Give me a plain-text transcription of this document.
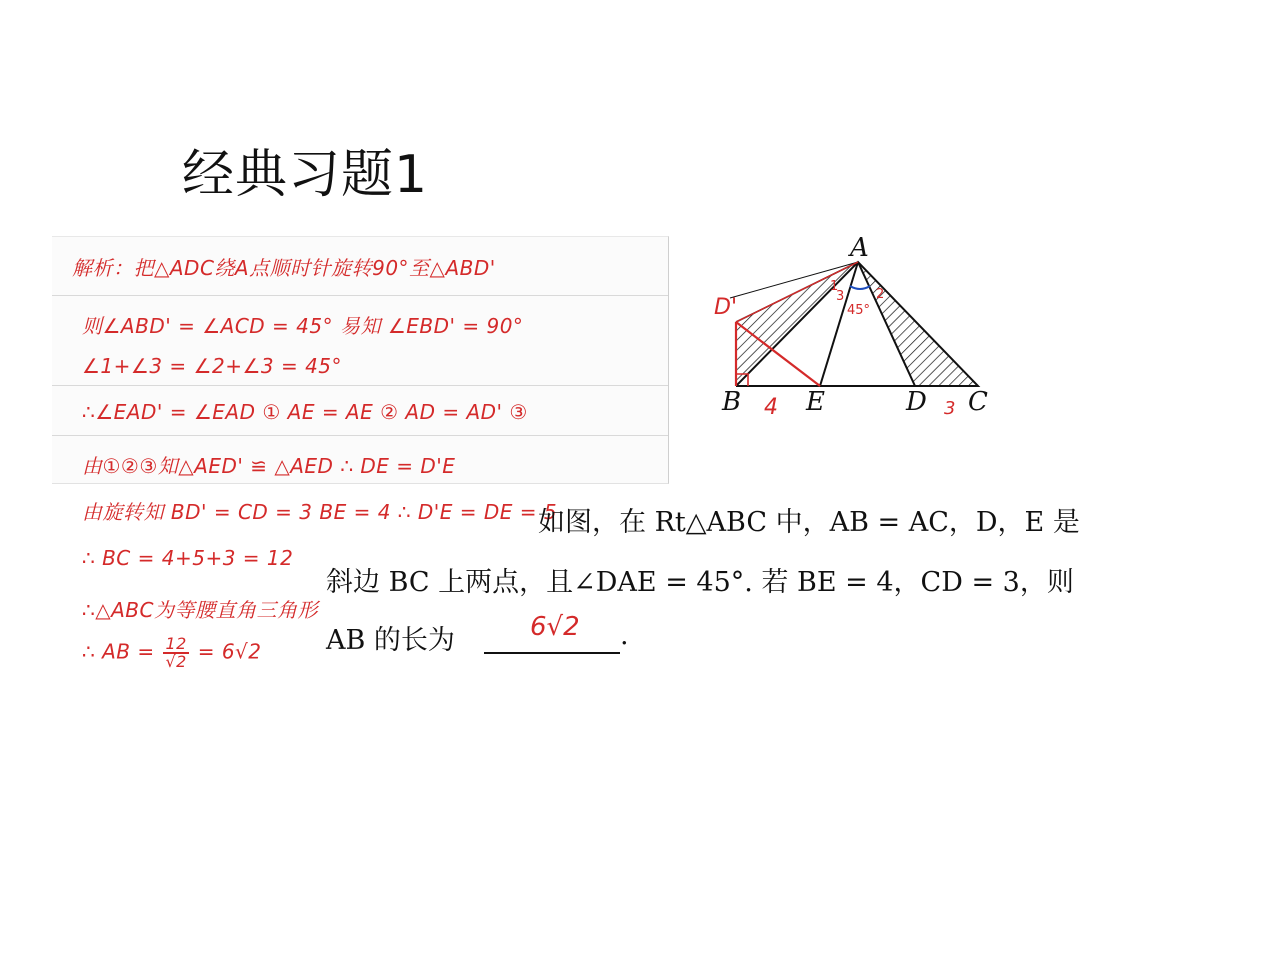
经典习题1
解析：把△ADC绕A点顺时针旋转90°至△ABD'
则∠ABD' = ∠ACD = 45° 易知 ∠EBD' = 90°
∠1+∠3 = ∠2+∠3 = 45°
∴∠EAD' = ∠EAD ① AE = AE ② AD = AD' ③
由①②③知△AED' ≌ △AED ∴ DE = D'E
由旋转知 BD' = CD = 3 BE = 4 ∴ D'E = DE = 5
∴ BC = 4+5+3 = 12
∴△ABC为等腰直角三角形
∴ AB = $\frac{12}{√2} = 6√2$
如图，在 Rt△ABC 中，AB = AC，D，E 是
斜边 BC 上两点，且∠DAE = 45°. 若 BE = 4，CD = 3，则
AB 的长为	6√2 .
A
B E	D C
D'
4	3
45°
1
3 2
